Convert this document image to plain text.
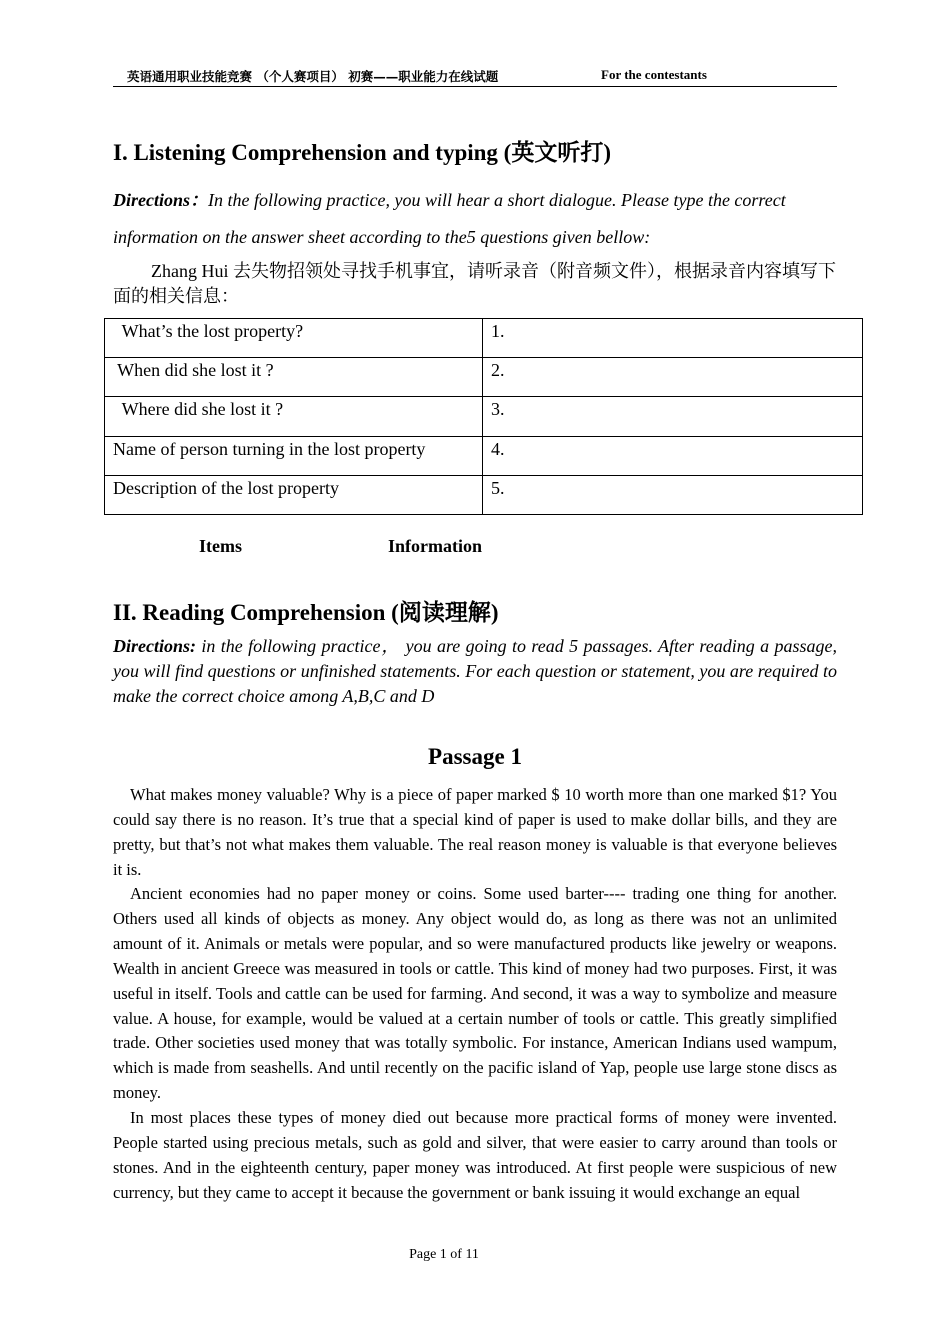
英语通用职业技能竞赛 （个人赛项目） 初赛——职业能力在线试题	For the contestants
I. Listening Comprehension and typing (英文听打)
Directions：In the following practice, you will hear a short dialogue. Please type the correct
information on the answer sheet according to the5 questions given bellow:
Zhang Hui 去失物招领处寻找手机事宜，请听录音（附音频文件），根据录音内容填写下面的相关信息：
What’s the lost property?	1.
When did she lost it ?	2.
Where did she lost it ?	3.
Name of person turning in the lost property	4.
Description of the lost property	5.
Items	Information
II. Reading Comprehension (阅读理解)
Directions: in the following practice， you are going to read 5 passages. After reading a passage, you will find questions or unfinished statements. For each question or statement, you are required to make the correct choice among A,B,C and D
Passage 1
What makes money valuable? Why is a piece of paper marked $ 10 worth more than one marked $1? You could say there is no reason. It’s true that a special kind of paper is used to make dollar bills, and they are pretty, but that’s not what makes them valuable. The real reason money is valuable is that everyone believes it is.
Ancient economies had no paper money or coins. Some used barter---- trading one thing for another. Others used all kinds of objects as money. Any object would do, as long as there was not an unlimited amount of it. Animals or metals were popular, and so were manufactured products like jewelry or weapons. Wealth in ancient Greece was measured in tools or cattle. This kind of money had two purposes. First, it was useful in itself. Tools and cattle can be used for farming. And second, it was a way to symbolize and measure value. A house, for example, would be valued at a certain number of tools or cattle. This greatly simplified trade. Other societies used money that was totally symbolic. For instance, American Indians used wampum, which is made from seashells. And until recently on the pacific island of Yap, people use large stone discs as money.
In most places these types of money died out because more practical forms of money were invented. People started using precious metals, such as gold and silver, that were easier to carry around than tools or stones. And in the eighteenth century, paper money was introduced. At first people were suspicious of new currency, but they came to accept it because the government or bank issuing it would exchange an equal
Page 1 of 11
